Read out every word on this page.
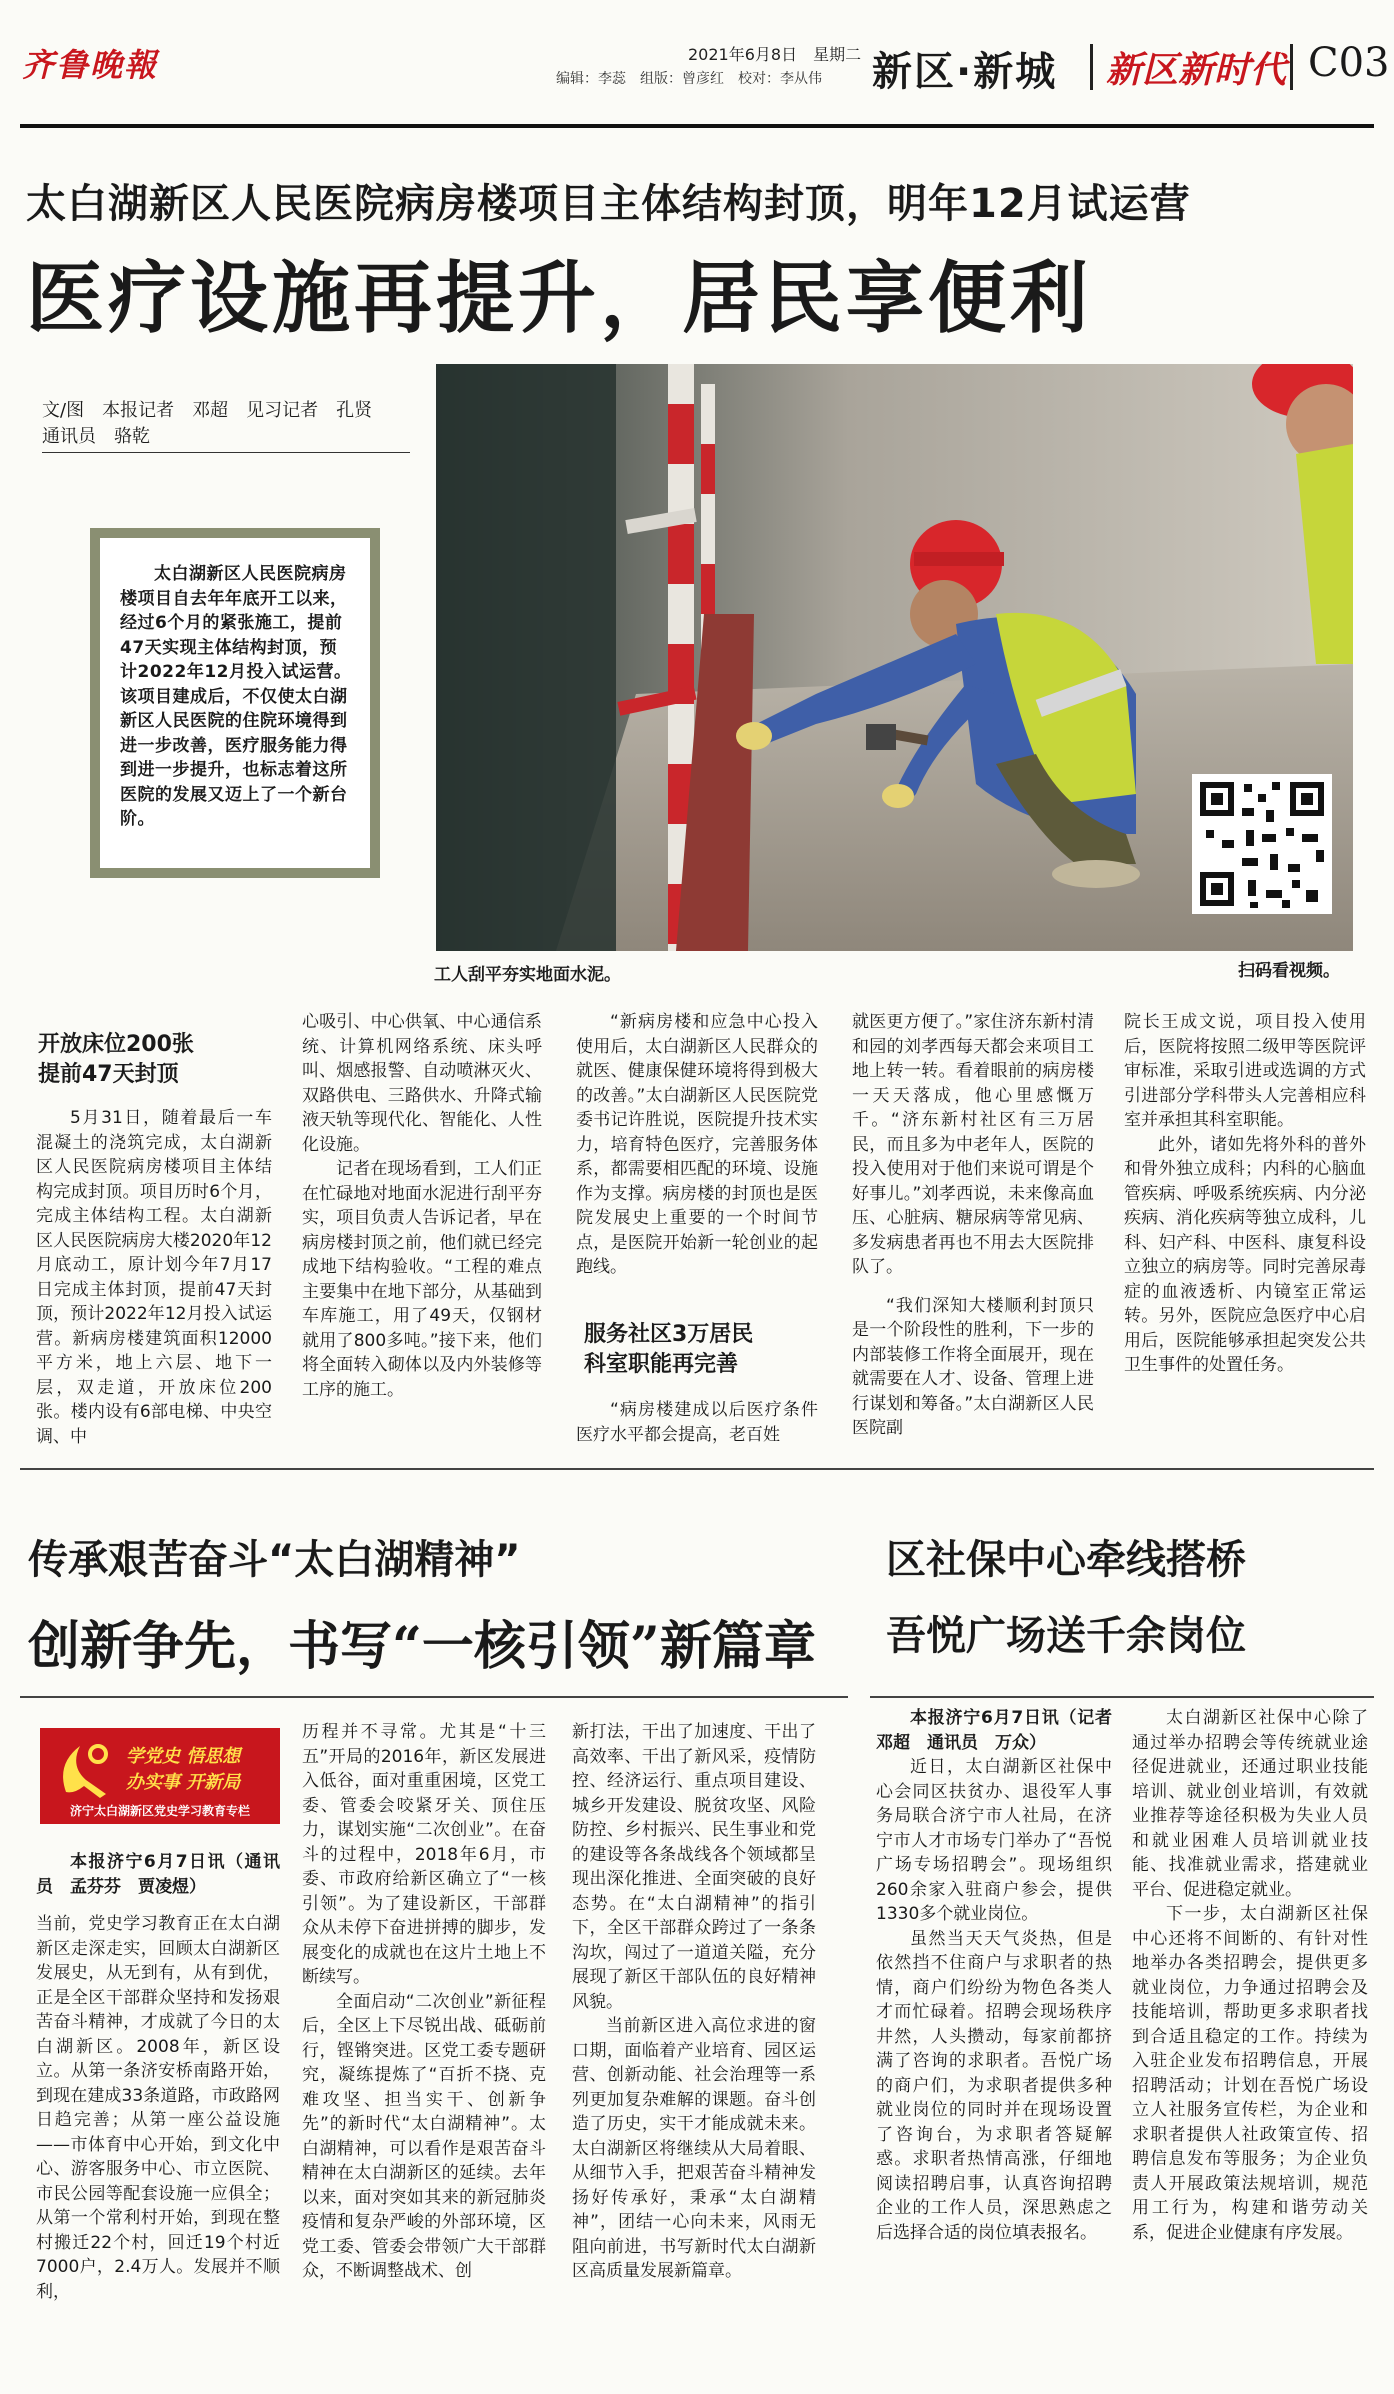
齐鲁晚報	2021年6月8日　星期二
编辑：李蕊　组版：曾彦红　校对：李从伟 新区·新城 新区新时代 C03
太白湖新区人民医院病房楼项目主体结构封顶，明年12月试运营
医疗设施再提升，居民享便利
文/图　本报记者　邓超　见习记者　孔贤
通讯员　骆乾
太白湖新区人民医院病房楼项目自去年年底开工以来，经过6个月的紧张施工，提前47天实现主体结构封顶，预计2022年12月投入试运营。该项目建成后，不仅使太白湖新区人民医院的住院环境得到进一步改善，医疗服务能力得到进一步提升，也标志着这所医院的发展又迈上了一个新台阶。
工人刮平夯实地面水泥。	扫码看视频。
开放床位200张
提前47天封顶

5月31日，随着最后一车混凝土的浇筑完成，太白湖新区人民医院病房楼项目主体结构完成封顶。项目历时6个月，完成主体结构工程。太白湖新区人民医院病房大楼2020年12月底动工，原计划今年7月17日完成主体封顶，提前47天封顶，预计2022年12月投入试运营。新病房楼建筑面积12000平方米，地上六层、地下一层，双走道，开放床位200张。楼内设有6部电梯、中央空调、中

心吸引、中心供氧、中心通信系统、计算机网络系统、床头呼叫、烟感报警、自动喷淋灭火、双路供电、三路供水、升降式输液天轨等现代化、智能化、人性化设施。

记者在现场看到，工人们正在忙碌地对地面水泥进行刮平夯实，项目负责人告诉记者，早在病房楼封顶之前，他们就已经完成地下结构验收。“工程的难点主要集中在地下部分，从基础到车库施工，用了49天，仅钢材就用了800多吨。”接下来，他们将全面转入砌体以及内外装修等工序的施工。

“新病房楼和应急中心投入使用后，太白湖新区人民群众的就医、健康保健环境将得到极大的改善。”太白湖新区人民医院党委书记许胜说，医院提升技术实力，培育特色医疗，完善服务体系，都需要相匹配的环境、设施作为支撑。病房楼的封顶也是医院发展史上重要的一个时间节点，是医院开始新一轮创业的起跑线。

服务社区3万居民
科室职能再完善

“病房楼建成以后医疗条件医疗水平都会提高，老百姓

就医更方便了。”家住济东新村清和园的刘孝西每天都会来项目工地上转一转。看着眼前的病房楼一天天落成，他心里感慨万千。“济东新村社区有三万居民，而且多为中老年人，医院的投入使用对于他们来说可谓是个好事儿。”刘孝西说，未来像高血压、心脏病、糖尿病等常见病、多发病患者再也不用去大医院排队了。

“我们深知大楼顺利封顶只是一个阶段性的胜利，下一步的内部装修工作将全面展开，现在就需要在人才、设备、管理上进行谋划和筹备。”太白湖新区人民医院副

院长王成文说，项目投入使用后，医院将按照二级甲等医院评审标准，采取引进或选调的方式引进部分学科带头人完善相应科室并承担其科室职能。

此外，诸如先将外科的普外和骨外独立成科；内科的心脑血管疾病、呼吸系统疾病、内分泌疾病、消化疾病等独立成科，儿科、妇产科、中医科、康复科设立独立的病房等。同时完善尿毒症的血液透析、内镜室正常运转。另外，医院应急医疗中心启用后，医院能够承担起突发公共卫生事件的处置任务。

传承艰苦奋斗“太白湖精神”
创新争先，书写“一核引领”新篇章
学党史 悟思想
办实事 开新局
济宁太白湖新区党史学习教育专栏

本报济宁6月7日讯（通讯员　孟芬芬　贾凌煜）

当前，党史学习教育正在太白湖新区走深走实，回顾太白湖新区发展史，从无到有，从有到优，正是全区干部群众坚持和发扬艰苦奋斗精神，才成就了今日的太白湖新区。2008年，新区设立。从第一条济安桥南路开始，到现在建成33条道路，市政路网日趋完善；从第一座公益设施——市体育中心开始，到文化中心、游客服务中心、市立医院、市民公园等配套设施一应俱全；从第一个常利村开始，到现在整村搬迁22个村，回迁19个村近7000户，2.4万人。发展并不顺利，

历程并不寻常。尤其是“十三五”开局的2016年，新区发展进入低谷，面对重重困境，区党工委、管委会咬紧牙关、顶住压力，谋划实施“二次创业”。在奋斗的过程中，2018年6月，市委、市政府给新区确立了“一核引领”。为了建设新区，干部群众从未停下奋进拼搏的脚步，发展变化的成就也在这片土地上不断续写。

全面启动“二次创业”新征程后，全区上下尽锐出战、砥砺前行，铿锵突进。区党工委专题研究，凝练提炼了“百折不挠、克难攻坚、担当实干、创新争先”的新时代“太白湖精神”。太白湖精神，可以看作是艰苦奋斗精神在太白湖新区的延续。去年以来，面对突如其来的新冠肺炎疫情和复杂严峻的外部环境，区党工委、管委会带领广大干部群众，不断调整战术、创

新打法，干出了加速度、干出了高效率、干出了新风采，疫情防控、经济运行、重点项目建设、城乡开发建设、脱贫攻坚、风险防控、乡村振兴、民生事业和党的建设等各条战线各个领域都呈现出深化推进、全面突破的良好态势。在“太白湖精神”的指引下，全区干部群众跨过了一条条沟坎，闯过了一道道关隘，充分展现了新区干部队伍的良好精神风貌。

当前新区进入高位求进的窗口期，面临着产业培育、园区运营、创新动能、社会治理等一系列更加复杂难解的课题。奋斗创造了历史，实干才能成就未来。太白湖新区将继续从大局着眼、从细节入手，把艰苦奋斗精神发扬好传承好，秉承“太白湖精神”，团结一心向未来，风雨无阻向前进，书写新时代太白湖新区高质量发展新篇章。

区社保中心牵线搭桥
吾悦广场送千余岗位

本报济宁6月7日讯（记者　邓超　通讯员　万众）

近日，太白湖新区社保中心会同区扶贫办、退役军人事务局联合济宁市人社局，在济宁市人才市场专门举办了“吾悦广场专场招聘会”。现场组织260余家入驻商户参会，提供1330多个就业岗位。

虽然当天天气炎热，但是依然挡不住商户与求职者的热情，商户们纷纷为物色各类人才而忙碌着。招聘会现场秩序井然，人头攒动，每家前都挤满了咨询的求职者。吾悦广场的商户们，为求职者提供多种就业岗位的同时并在现场设置了咨询台，为求职者答疑解惑。求职者热情高涨，仔细地阅读招聘启事，认真咨询招聘企业的工作人员，深思熟虑之后选择合适的岗位填表报名。

太白湖新区社保中心除了通过举办招聘会等传统就业途径促进就业，还通过职业技能培训、就业创业培训，有效就业推荐等途径积极为失业人员和就业困难人员培训就业技能、找准就业需求，搭建就业平台、促进稳定就业。

下一步，太白湖新区社保中心还将不间断的、有针对性地举办各类招聘会，提供更多就业岗位，力争通过招聘会及技能培训，帮助更多求职者找到合适且稳定的工作。持续为入驻企业发布招聘信息，开展招聘活动；计划在吾悦广场设立人社服务宣传栏，为企业和求职者提供人社政策宣传、招聘信息发布等服务；为企业负责人开展政策法规培训，规范用工行为，构建和谐劳动关系，促进企业健康有序发展。
